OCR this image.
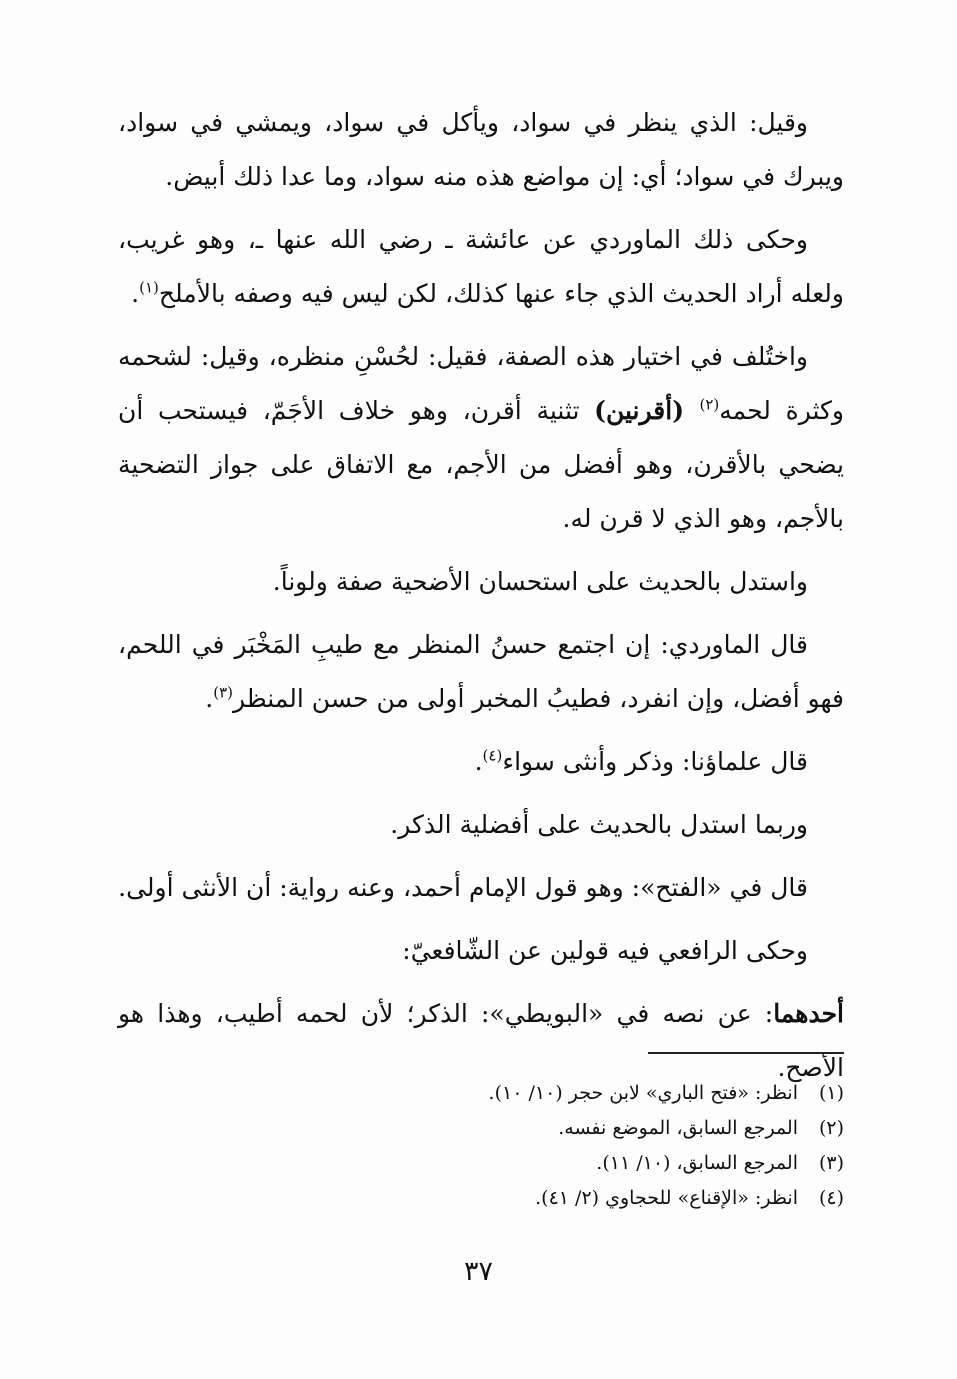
وقيل: الذي ينظر في سواد، ويأكل في سواد، ويمشي في سواد، ويبرك في سواد؛ أي: إن مواضع هذه منه سواد، وما عدا ذلك أبيض.

وحكى ذلك الماوردي عن عائشة ـ رضي الله عنها ـ، وهو غريب، ولعله أراد الحديث الذي جاء عنها كذلك، لكن ليس فيه وصفه بالأملح$^{(١)}$.

واختُلف في اختيار هذه الصفة، فقيل: لحُسْنِ منظره، وقيل: لشحمه وكثرة لحمه$^{(٢)}$ (أقرنين) تثنية أقرن، وهو خلاف الأجَمّ، فيستحب أن يضحي بالأقرن، وهو أفضل من الأجم، مع الاتفاق على جواز التضحية بالأجم، وهو الذي لا قرن له.

واستدل بالحديث على استحسان الأضحية صفة ولوناً.

قال الماوردي: إن اجتمع حسنُ المنظر مع طيبِ المَخْبَر في اللحم، فهو أفضل، وإن انفرد، فطيبُ المخبر أولى من حسن المنظر$^{(٣)}$.

قال علماؤنا: وذكر وأنثى سواء$^{(٤)}$.

وربما استدل بالحديث على أفضلية الذكر.

قال في «الفتح»: وهو قول الإمام أحمد، وعنه رواية: أن الأنثى أولى.

وحكى الرافعي فيه قولين عن الشّافعيّ:

أحدهما: عن نصه في «البويطي»: الذكر؛ لأن لحمه أطيب، وهذا هو الأصح.

(١)انظر: «فتح الباري» لابن حجر (١٠/ ١٠).
(٢)المرجع السابق، الموضع نفسه.
(٣)المرجع السابق، (١٠/ ١١).
(٤)انظر: «الإقناع» للحجاوي (٢/ ٤١).
٣٧
